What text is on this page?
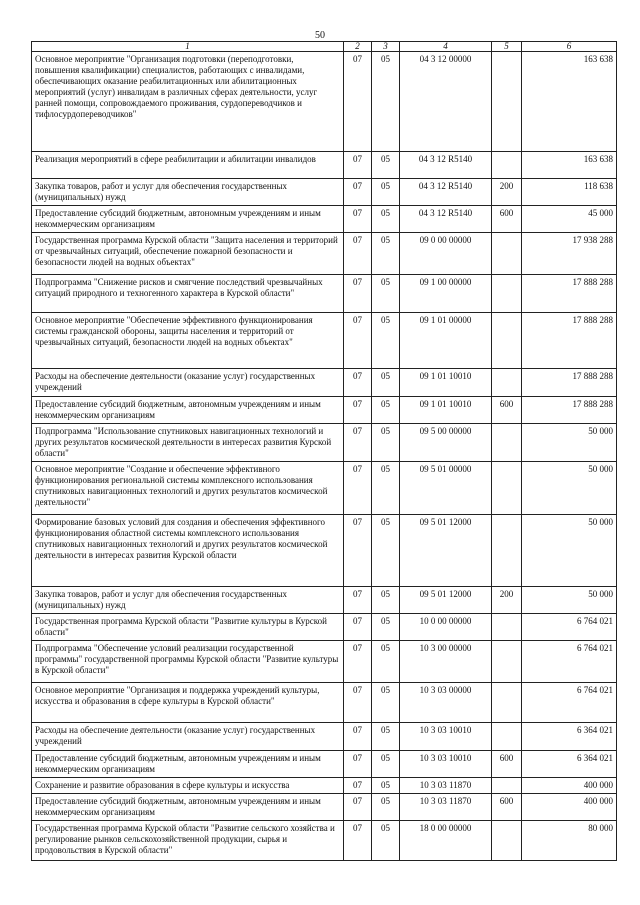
50
1	2	3	4	5	6
Основное мероприятие "Организация подготовки (переподготовки, повышения квалификации) специалистов, работающих с инвалидами, обеспечивающих оказание реабилитационных или абилитационных мероприятий (услуг) инвалидам в различных сферах деятельности, услуг ранней помощи, сопровождаемого проживания, сурдопереводчиков и тифлосурдопереводчиков"	07	05	04 3 12 00000		163 638
Реализация мероприятий в сфере реабилитации и абилитации инвалидов	07	05	04 3 12 R5140		163 638
Закупка товаров, работ и услуг для обеспечения государственных (муниципальных) нужд	07	05	04 3 12 R5140	200	118 638
Предоставление субсидий бюджетным, автономным учреждениям и иным некоммерческим организациям	07	05	04 3 12 R5140	600	45 000
Государственная программа Курской области "Защита населения и территорий от чрезвычайных ситуаций, обеспечение пожарной безопасности и безопасности людей на водных объектах"	07	05	09 0 00 00000		17 938 288
Подпрограмма "Снижение рисков и смягчение последствий чрезвычайных ситуаций природного и техногенного характера в Курской области"	07	05	09 1 00 00000		17 888 288
Основное мероприятие "Обеспечение эффективного функционирования системы гражданской обороны, защиты населения и территорий от чрезвычайных ситуаций, безопасности людей на водных объектах"	07	05	09 1 01 00000		17 888 288
Расходы на обеспечение деятельности (оказание услуг) государственных учреждений	07	05	09 1 01 10010		17 888 288
Предоставление субсидий бюджетным, автономным учреждениям и иным некоммерческим организациям	07	05	09 1 01 10010	600	17 888 288
Подпрограмма "Использование спутниковых навигационных технологий и других результатов космической деятельности в интересах развития Курской области"	07	05	09 5 00 00000		50 000
Основное мероприятие "Создание и обеспечение эффективного функционирования региональной системы комплексного использования спутниковых навигационных технологий и других результатов космической деятельности"	07	05	09 5 01 00000		50 000
Формирование базовых условий для создания и обеспечения эффективного функционирования областной системы комплексного использования спутниковых навигационных технологий и других результатов космической деятельности в интересах развития Курской области	07	05	09 5 01 12000		50 000
Закупка товаров, работ и услуг для обеспечения государственных (муниципальных) нужд	07	05	09 5 01 12000	200	50 000
Государственная программа Курской области "Развитие культуры в Курской области"	07	05	10 0 00 00000		6 764 021
Подпрограмма "Обеспечение условий реализации государственной программы" государственной программы Курской области "Развитие культуры в Курской области"	07	05	10 3 00 00000		6 764 021
Основное мероприятие "Организация и поддержка учреждений культуры, искусства и образования в сфере культуры в Курской области"	07	05	10 3 03 00000		6 764 021
Расходы на обеспечение деятельности (оказание услуг) государственных учреждений	07	05	10 3 03 10010		6 364 021
Предоставление субсидий бюджетным, автономным учреждениям и иным некоммерческим организациям	07	05	10 3 03 10010	600	6 364 021
Сохранение и развитие образования в сфере культуры и искусства	07	05	10 3 03 11870		400 000
Предоставление субсидий бюджетным, автономным учреждениям и иным некоммерческим организациям	07	05	10 3 03 11870	600	400 000
Государственная программа Курской области "Развитие сельского хозяйства и регулирование рынков сельскохозяйственной продукции, сырья и продовольствия в Курской области"	07	05	18 0 00 00000		80 000
